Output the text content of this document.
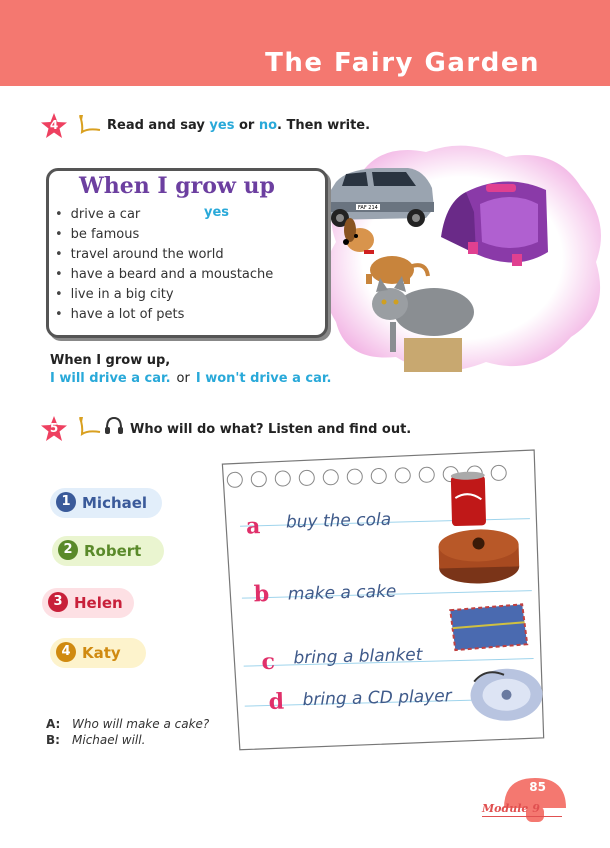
The Fairy Garden
4	Read and say yes or no. Then write.
FAF 214
When I grow up
• drive a car
• be famous
• travel around the world
• have a beard and a moustache
• live in a big city
• have a lot of pets
yes
When I grow up,
I will drive a car. or I won't drive a car.
5	Who will do what? Listen and find out.
1 Michael
2 Robert
3 Helen
4 Katy
a buy the cola
b make a cake
c bring a blanket
d bring a CD player
A: Who will make a cake?
B: Michael will.
85
Module 9
